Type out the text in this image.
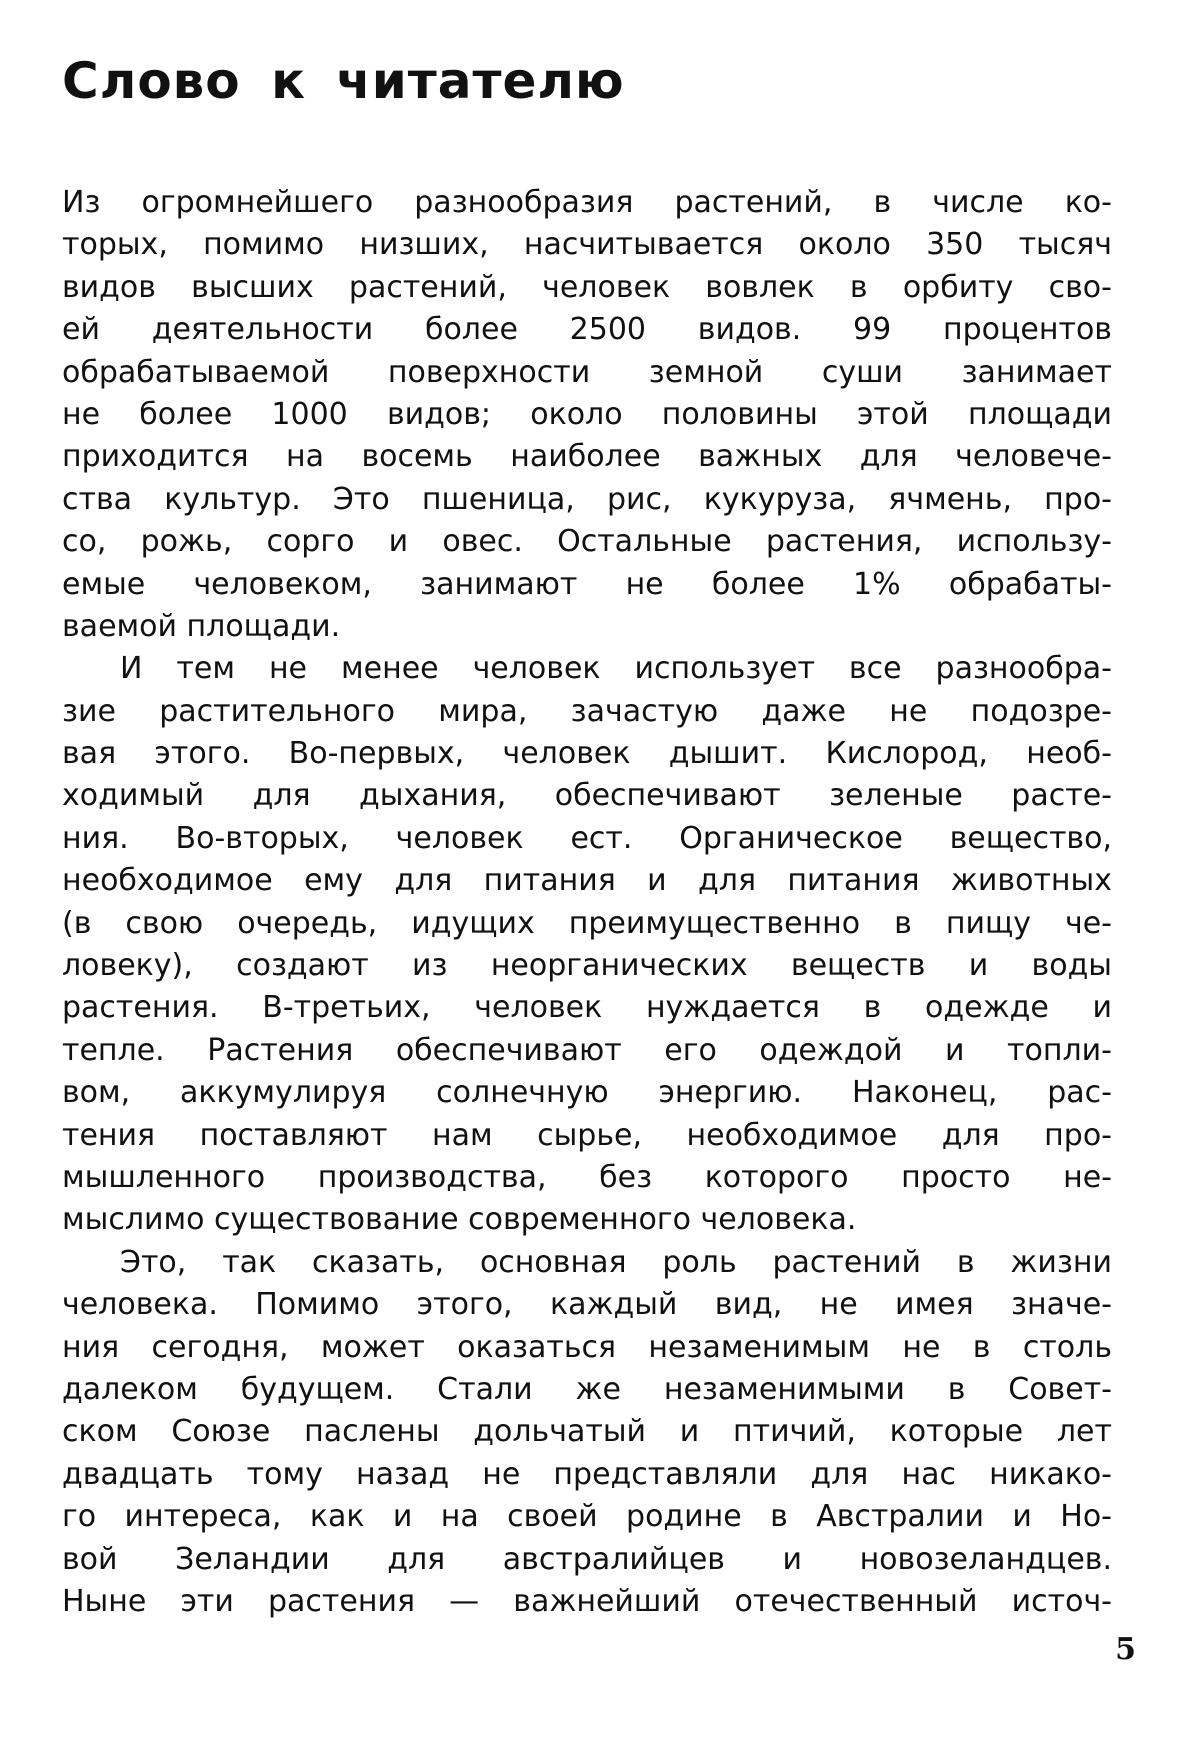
Слово к читателю
Из огромнейшего разнообразия растений, в числе ко-
торых, помимо низших, насчитывается около 350 тысяч
видов высших растений, человек вовлек в орбиту сво-
ей деятельности более 2500 видов. 99 процентов
обрабатываемой поверхности земной суши занимает
не более 1000 видов; около половины этой площади
приходится на восемь наиболее важных для человече-
ства культур. Это пшеница, рис, кукуруза, ячмень, про-
со, рожь, сорго и овес. Остальные растения, использу-
емые человеком, занимают не более 1% обрабаты-
ваемой площади.
И тем не менее человек использует все разнообра-
зие растительного мира, зачастую даже не подозре-
вая этого. Во-первых, человек дышит. Кислород, необ-
ходимый для дыхания, обеспечивают зеленые расте-
ния. Во-вторых, человек ест. Органическое вещество,
необходимое ему для питания и для питания животных
(в свою очередь, идущих преимущественно в пищу че-
ловеку), создают из неорганических веществ и воды
растения. В-третьих, человек нуждается в одежде и
тепле. Растения обеспечивают его одеждой и топли-
вом, аккумулируя солнечную энергию. Наконец, рас-
тения поставляют нам сырье, необходимое для про-
мышленного производства, без которого просто не-
мыслимо существование современного человека.
Это, так сказать, основная роль растений в жизни
человека. Помимо этого, каждый вид, не имея значе-
ния сегодня, может оказаться незаменимым не в столь
далеком будущем. Стали же незаменимыми в Совет-
ском Союзе паслены дольчатый и птичий, которые лет
двадцать тому назад не представляли для нас никако-
го интереса, как и на своей родине в Австралии и Но-
вой Зеландии для австралийцев и новозеландцев.
Ныне эти растения — важнейший отечественный источ-
5
